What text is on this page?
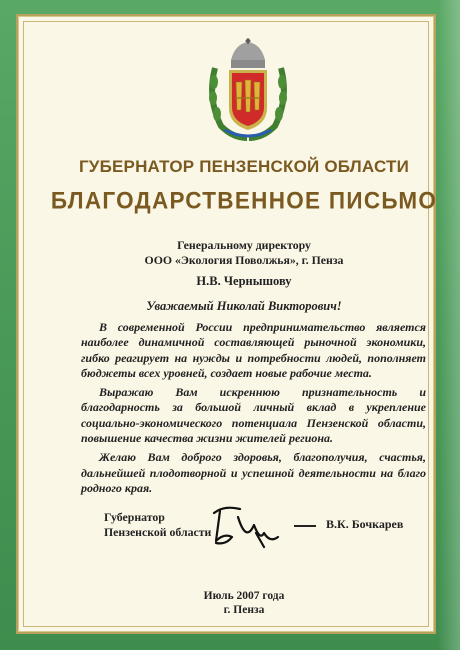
ГУБЕРНАТОР ПЕНЗЕНСКОЙ ОБЛАСТИ
БЛАГОДАРСТВЕННОЕ ПИСЬМО
Генеральному директору
ООО «Экология Поволжья», г. Пенза
Н.В. Чернышову
Уважаемый Николай Викторович!

В современной России предпринимательство является наиболее динамичной составляющей рыночной экономики, гибко реагирует на нужды и потребности людей, пополняет бюджеты всех уровней, создает новые рабочие места.

Выражаю Вам искреннюю признательность и благодарность за большой личный вклад в укрепление социально-экономического потенциала Пензенской области, повышение качества жизни жителей региона.

Желаю Вам доброго здоровья, благополучия, счастья, дальнейшей плодотворной и успешной деятельности на благо родного края.

Губернатор
Пензенской области
В.К. Бочкарев
Июль 2007 года
г. Пенза
